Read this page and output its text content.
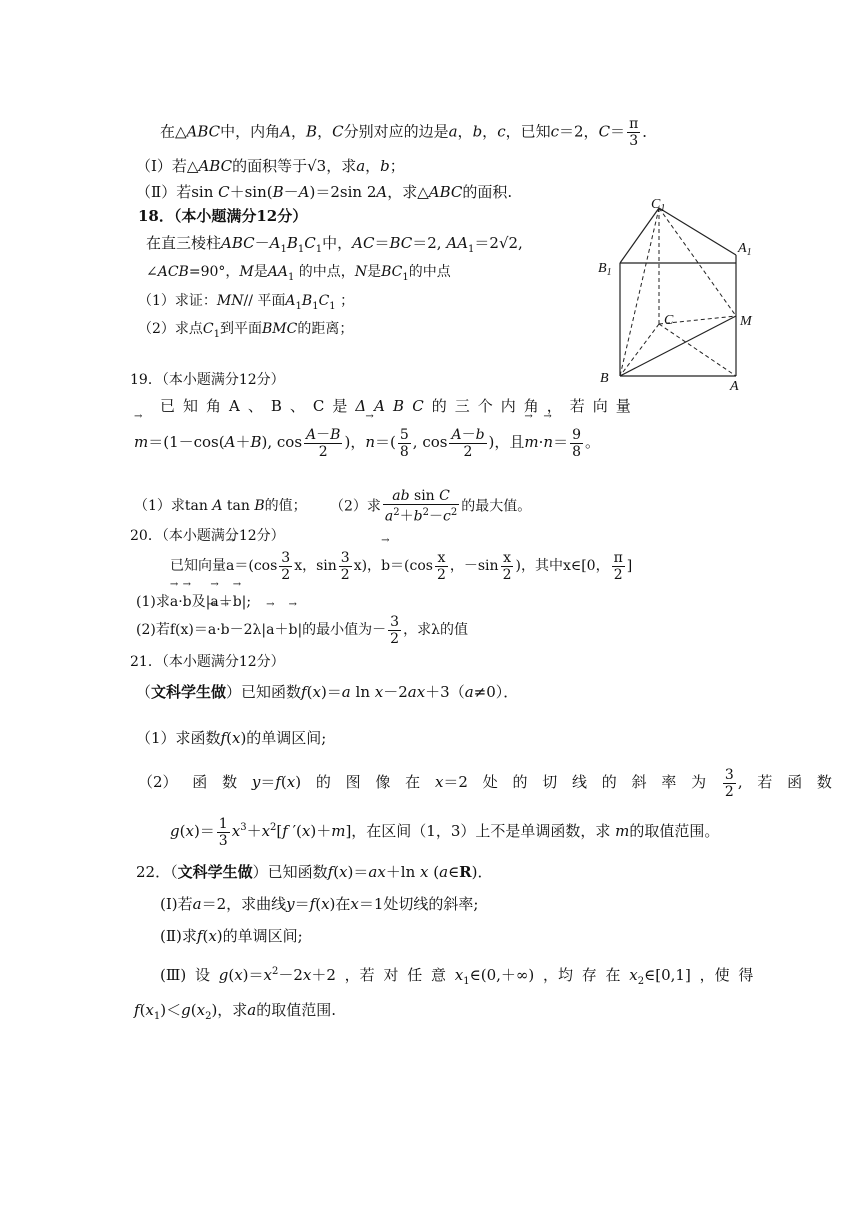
在△ABC中，内角A，B，C分别对应的边是a，b，c，已知c＝2，$C= \frac{\pi}{3}$ ．
（Ⅰ）若△ABC的面积等于√3，求a，b；
（Ⅱ）若sin C＋sin(B－A)＝2sin 2A，求△ABC的面积.
18．（本小题满分12分）
在直三棱柱$ABC-A_1B_1C_1$中，AC＝BC＝2, $AA_1=2√2$,
∠ACB=90°，M是$AA_1$ 的中点，N是$BC_1$的中点
（1）求证：MN// 平面$A_1B_1C_1$ ；
（2）求点$C_1$到平面BMC的距离；
$C_1$
$A_1$
$B_1$
C	M
B
A
19．（本小题满分12分）
已知角A、B、C是ΔABC的三个内角，若向量
→ m＝(1－cos(A＋B), $\cos \frac{A-B}{2}$ )，→ $n=( \frac{5}{8}$ , $\cos \frac{A-b}{2}$ )，且→ $m\cdot\to n= \frac{9}{8}$ 。
（1）求tan A tan B的值； （2）求 $\frac{\text{ab sin C}}{a^2+b^2-c^2}$ 的最大值。
20．（本小题满分12分）
已知向量→ $a=(\cos \frac{3}{2}$ x，$\sin \frac{3}{2} x$)，→ $b=(\cos \frac{x}{2}$ ，$-\sin \frac{x}{2}$ )，其中x∈[0， $\frac{\pi}{2}$ ]
(1)求→ a·→ b及|→ a＋→ b|;
(2)若f(x)＝→ a·→ b－2λ|→ a＋→ b|的最小值为－ $\frac{3}{2}$ ，求λ的值
21．（本小题满分12分）
（文科学生做）已知函数f(x)＝a ln x－2ax＋3（a≠0）．
（1）求函数f(x)的单调区间;
（2） 函 数 y＝f(x) 的 图 像 在 x＝2 处 的 切 线 的 斜 率 为 $\frac{3}{2}$ , 若 函 数
$g(x)= \frac{1}{3} x^3+x^2[f$ ′(x)＋m]，在区间（1，3）上不是单调函数，求 m的取值范围。
22．（文科学生做）已知函数f(x)＝ax＋ln x (a∈R)．
(Ⅰ)若a＝2，求曲线y＝f(x)在x＝1处切线的斜率;
(Ⅱ)求f(x)的单调区间;
(Ⅲ) 设 $g(x)=x^2-2x+2$ ，若 对 任 意 $x_1\in(0,+\infty)$ ，均 存 在 $x_2\in[0,1]$ ，使 得
$f(x_1)<g(x_2)$，求a的取值范围.
